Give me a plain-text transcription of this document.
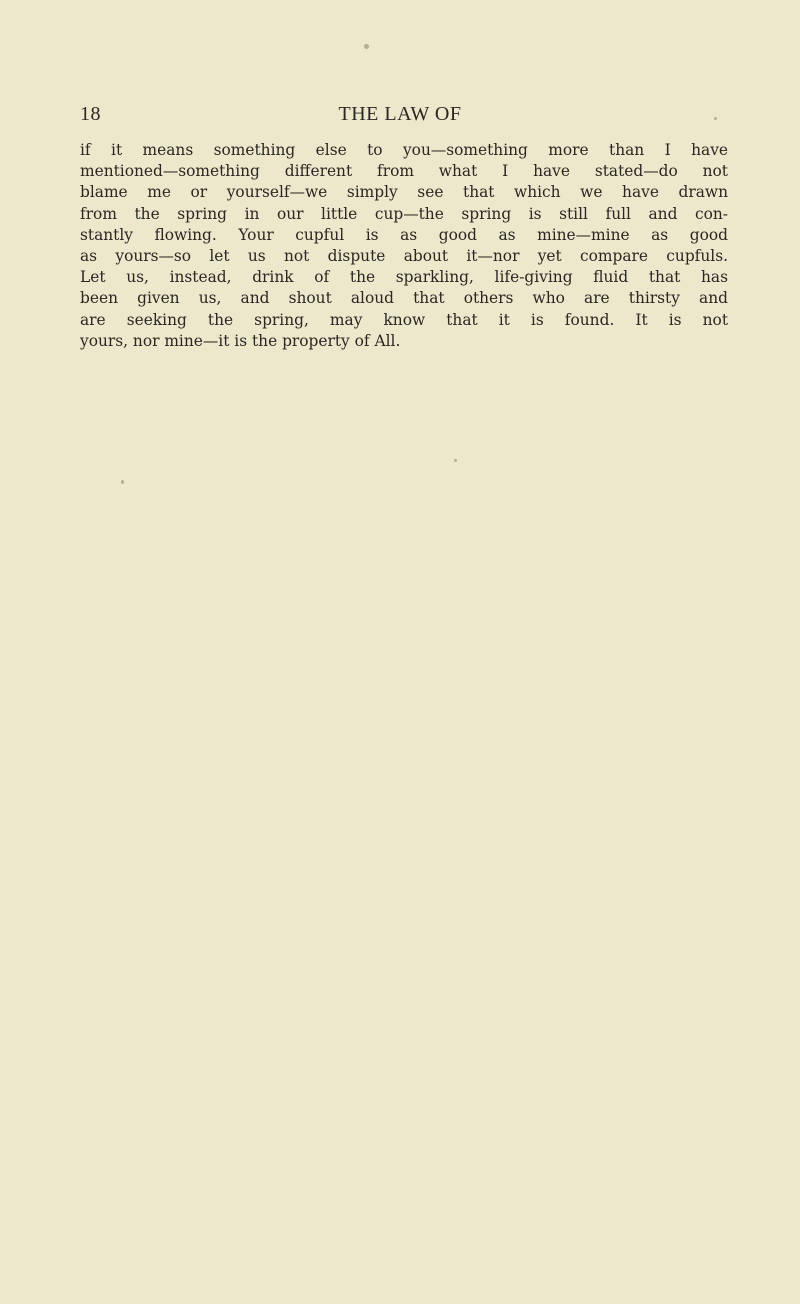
18	THE LAW OF

if it means something else to you—something more than I have
mentioned—something different from what I have stated—do not
blame me or yourself—we simply see that which we have drawn
from the spring in our little cup—the spring is still full and con-
stantly flowing. Your cupful is as good as mine—mine as good
as yours—so let us not dispute about it—nor yet compare cupfuls.
Let us, instead, drink of the sparkling, life-giving fluid that has
been given us, and shout aloud that others who are thirsty and
are seeking the spring, may know that it is found. It is not
yours, nor mine—it is the property of All.
